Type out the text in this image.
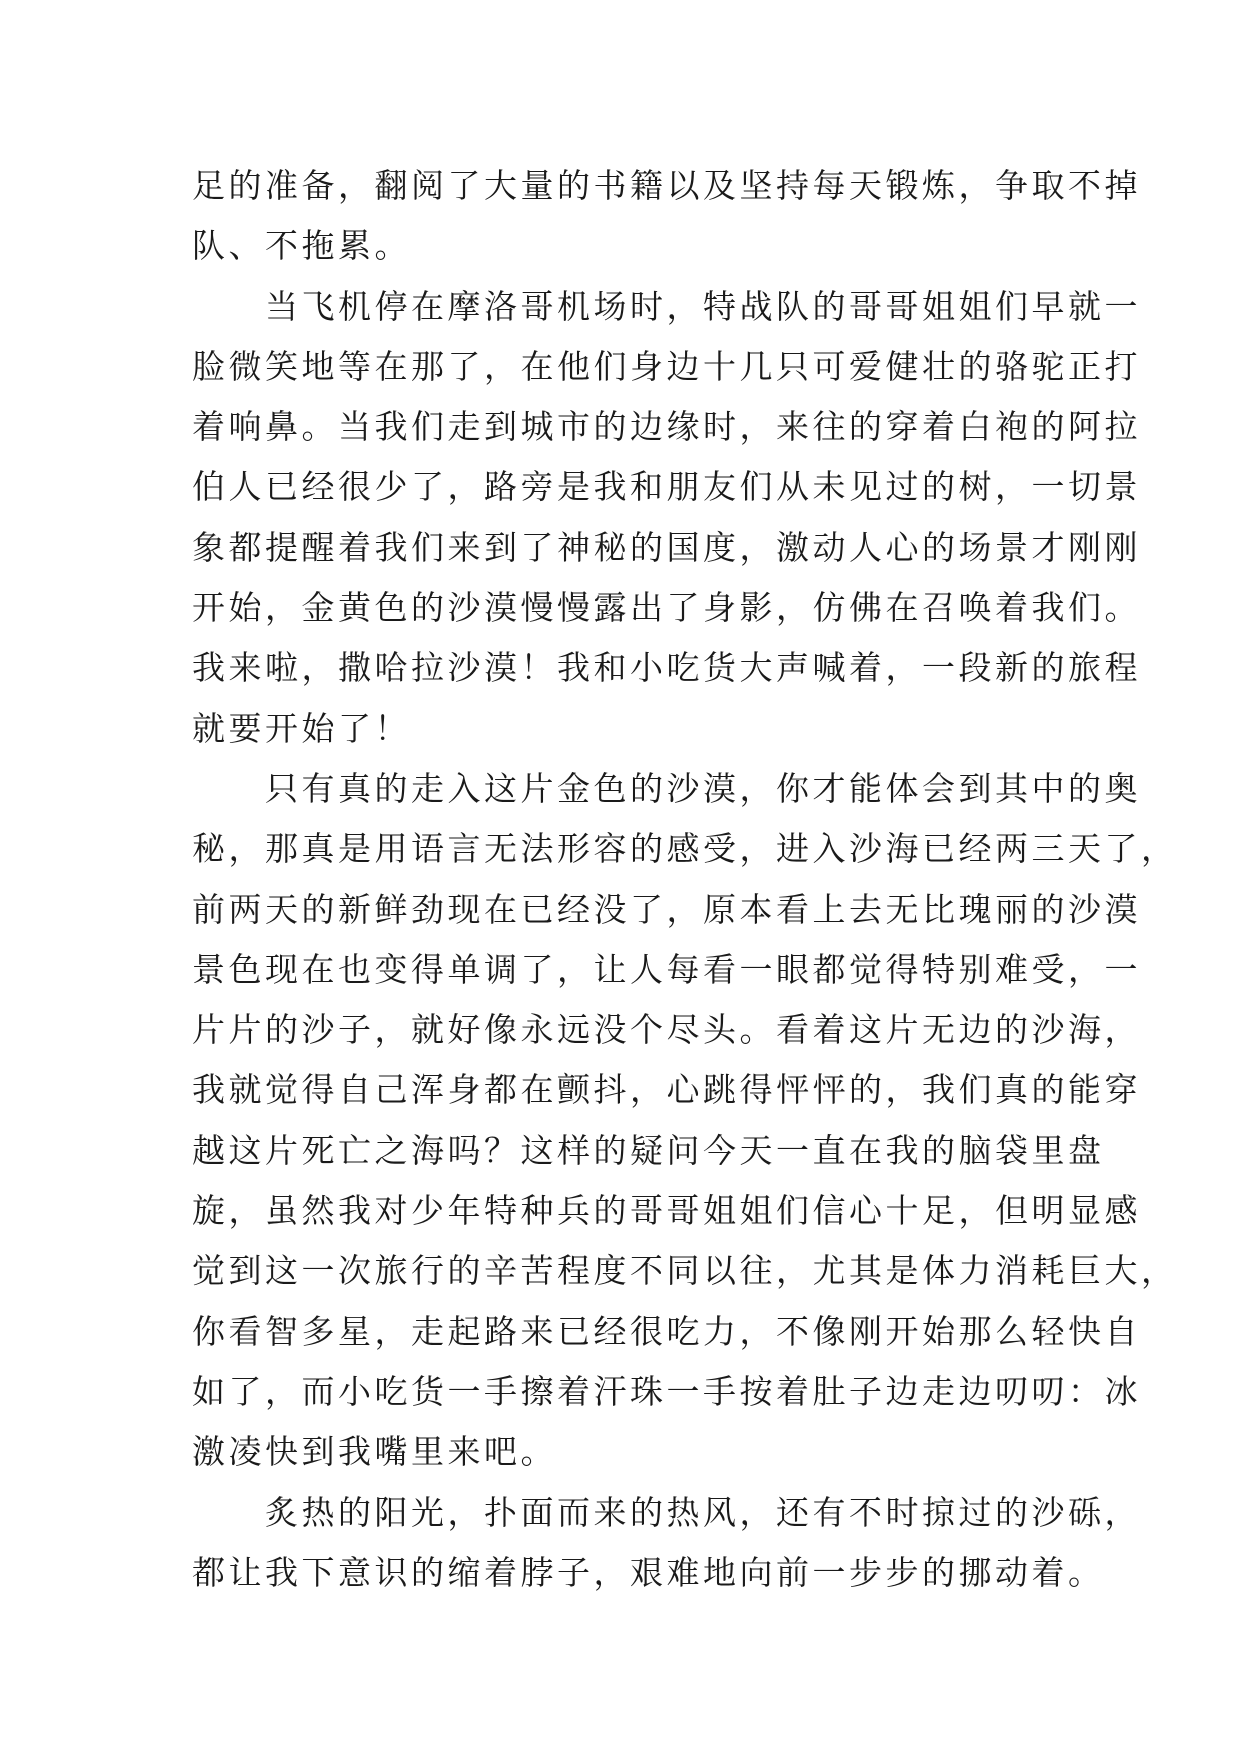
足的准备，翻阅了大量的书籍以及坚持每天锻炼，争取不掉
队、不拖累。
当飞机停在摩洛哥机场时，特战队的哥哥姐姐们早就一
脸微笑地等在那了，在他们身边十几只可爱健壮的骆驼正打
着响鼻。当我们走到城市的边缘时，来往的穿着白袍的阿拉
伯人已经很少了，路旁是我和朋友们从未见过的树，一切景
象都提醒着我们来到了神秘的国度，激动人心的场景才刚刚
开始，金黄色的沙漠慢慢露出了身影，仿佛在召唤着我们。
我来啦，撒哈拉沙漠！我和小吃货大声喊着，一段新的旅程
就要开始了！
只有真的走入这片金色的沙漠，你才能体会到其中的奥
秘，那真是用语言无法形容的感受，进入沙海已经两三天了，
前两天的新鲜劲现在已经没了，原本看上去无比瑰丽的沙漠
景色现在也变得单调了，让人每看一眼都觉得特别难受，一
片片的沙子，就好像永远没个尽头。看着这片无边的沙海，
我就觉得自己浑身都在颤抖，心跳得怦怦的，我们真的能穿
越这片死亡之海吗？这样的疑问今天一直在我的脑袋里盘
旋，虽然我对少年特种兵的哥哥姐姐们信心十足，但明显感
觉到这一次旅行的辛苦程度不同以往，尤其是体力消耗巨大，
你看智多星，走起路来已经很吃力，不像刚开始那么轻快自
如了，而小吃货一手擦着汗珠一手按着肚子边走边叨叨：冰
激凌快到我嘴里来吧。
炙热的阳光，扑面而来的热风，还有不时掠过的沙砾，
都让我下意识的缩着脖子，艰难地向前一步步的挪动着。
